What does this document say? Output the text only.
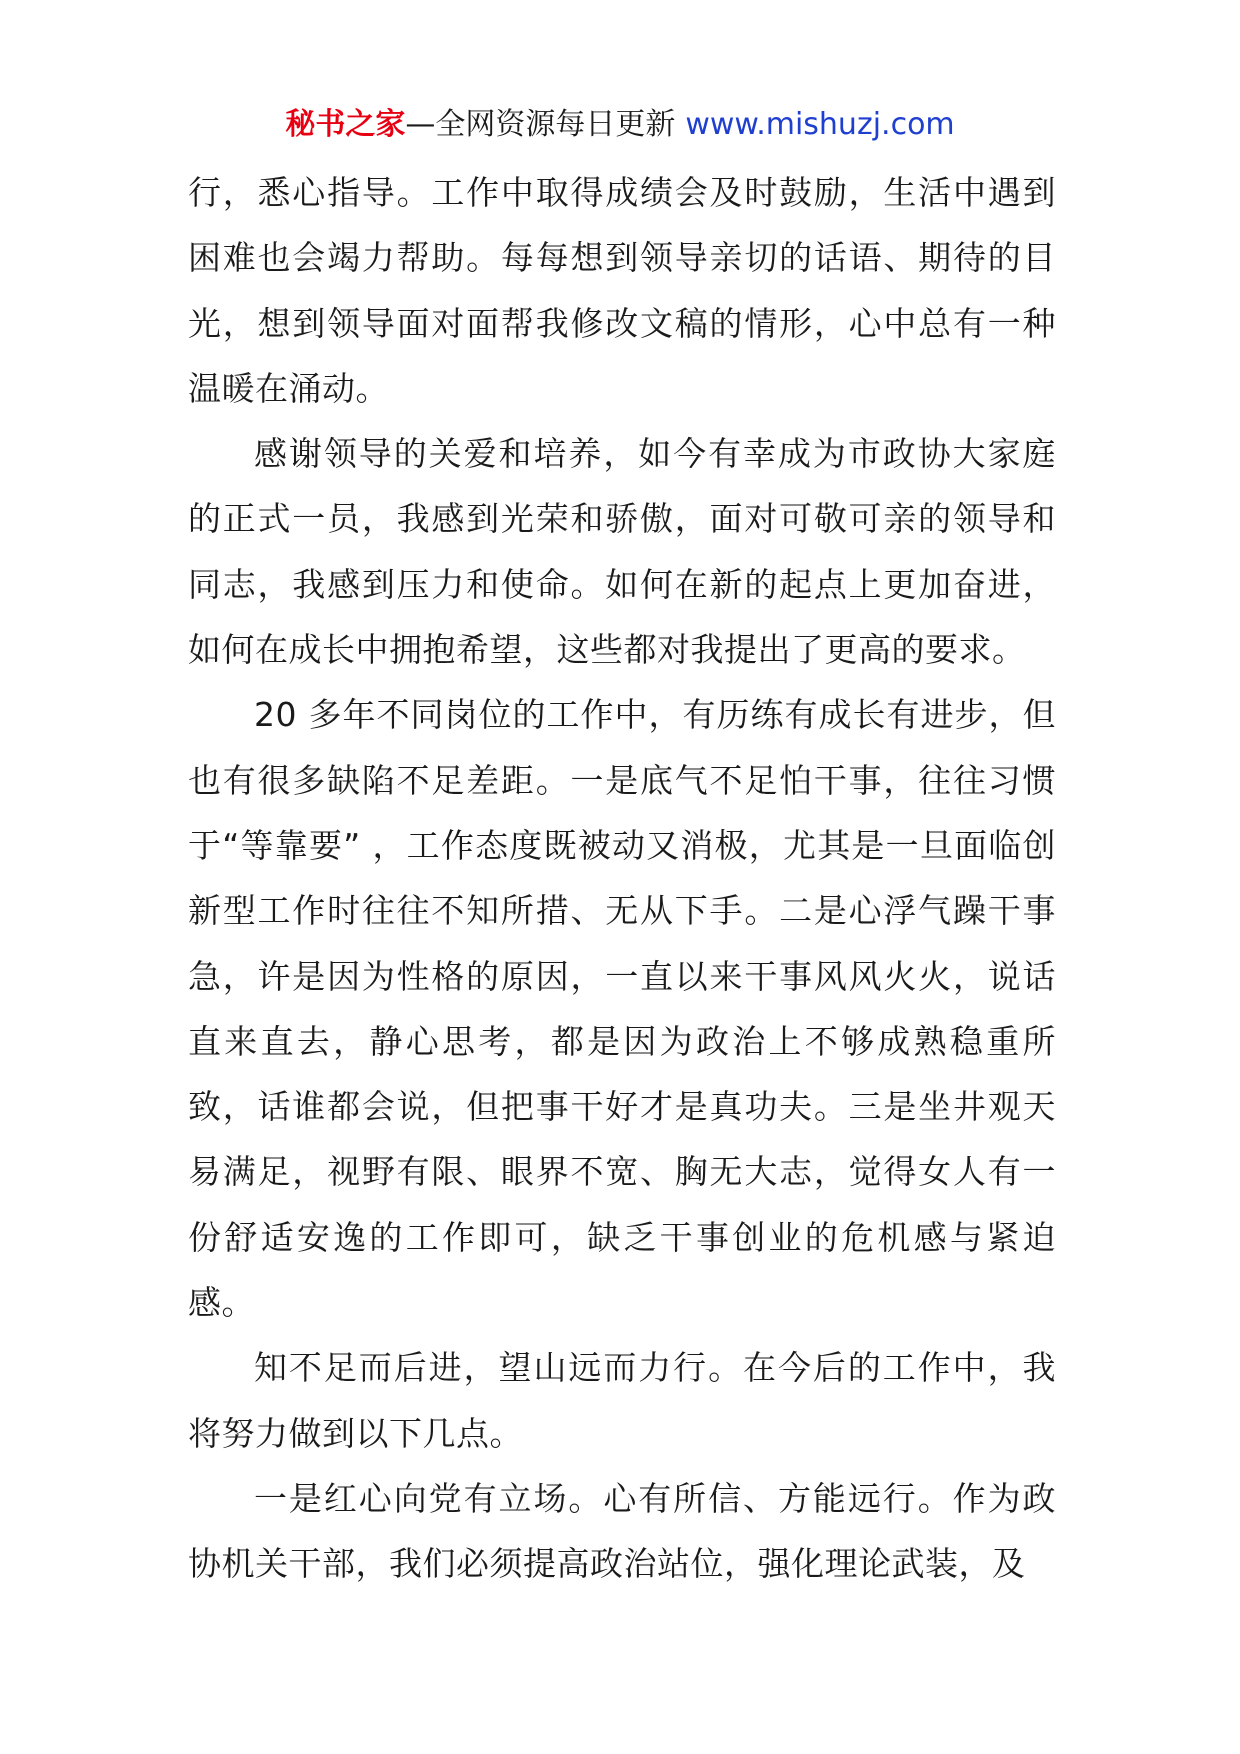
秘书之家—全网资源每日更新 www.mishuzj.com

行，悉心指导。工作中取得成绩会及时鼓励，生活中遇到困难也会竭力帮助。每每想到领导亲切的话语、期待的目光，想到领导面对面帮我修改文稿的情形，心中总有一种温暖在涌动。

感谢领导的关爱和培养，如今有幸成为市政协大家庭的正式一员，我感到光荣和骄傲，面对可敬可亲的领导和同志，我感到压力和使命。如何在新的起点上更加奋进，如何在成长中拥抱希望，这些都对我提出了更高的要求。

20 多年不同岗位的工作中，有历练有成长有进步，但也有很多缺陷不足差距。一是底气不足怕干事，往往习惯于“等靠要” ，工作态度既被动又消极，尤其是一旦面临创新型工作时往往不知所措、无从下手。二是心浮气躁干事急，许是因为性格的原因，一直以来干事风风火火，说话直来直去，静心思考，都是因为政治上不够成熟稳重所致，话谁都会说，但把事干好才是真功夫。三是坐井观天易满足，视野有限、眼界不宽、胸无大志，觉得女人有一份舒适安逸的工作即可，缺乏干事创业的危机感与紧迫感。

知不足而后进，望山远而力行。在今后的工作中，我将努力做到以下几点。

一是红心向党有立场。心有所信、方能远行。作为政协机关干部，我们必须提高政治站位，强化理论武装，及
